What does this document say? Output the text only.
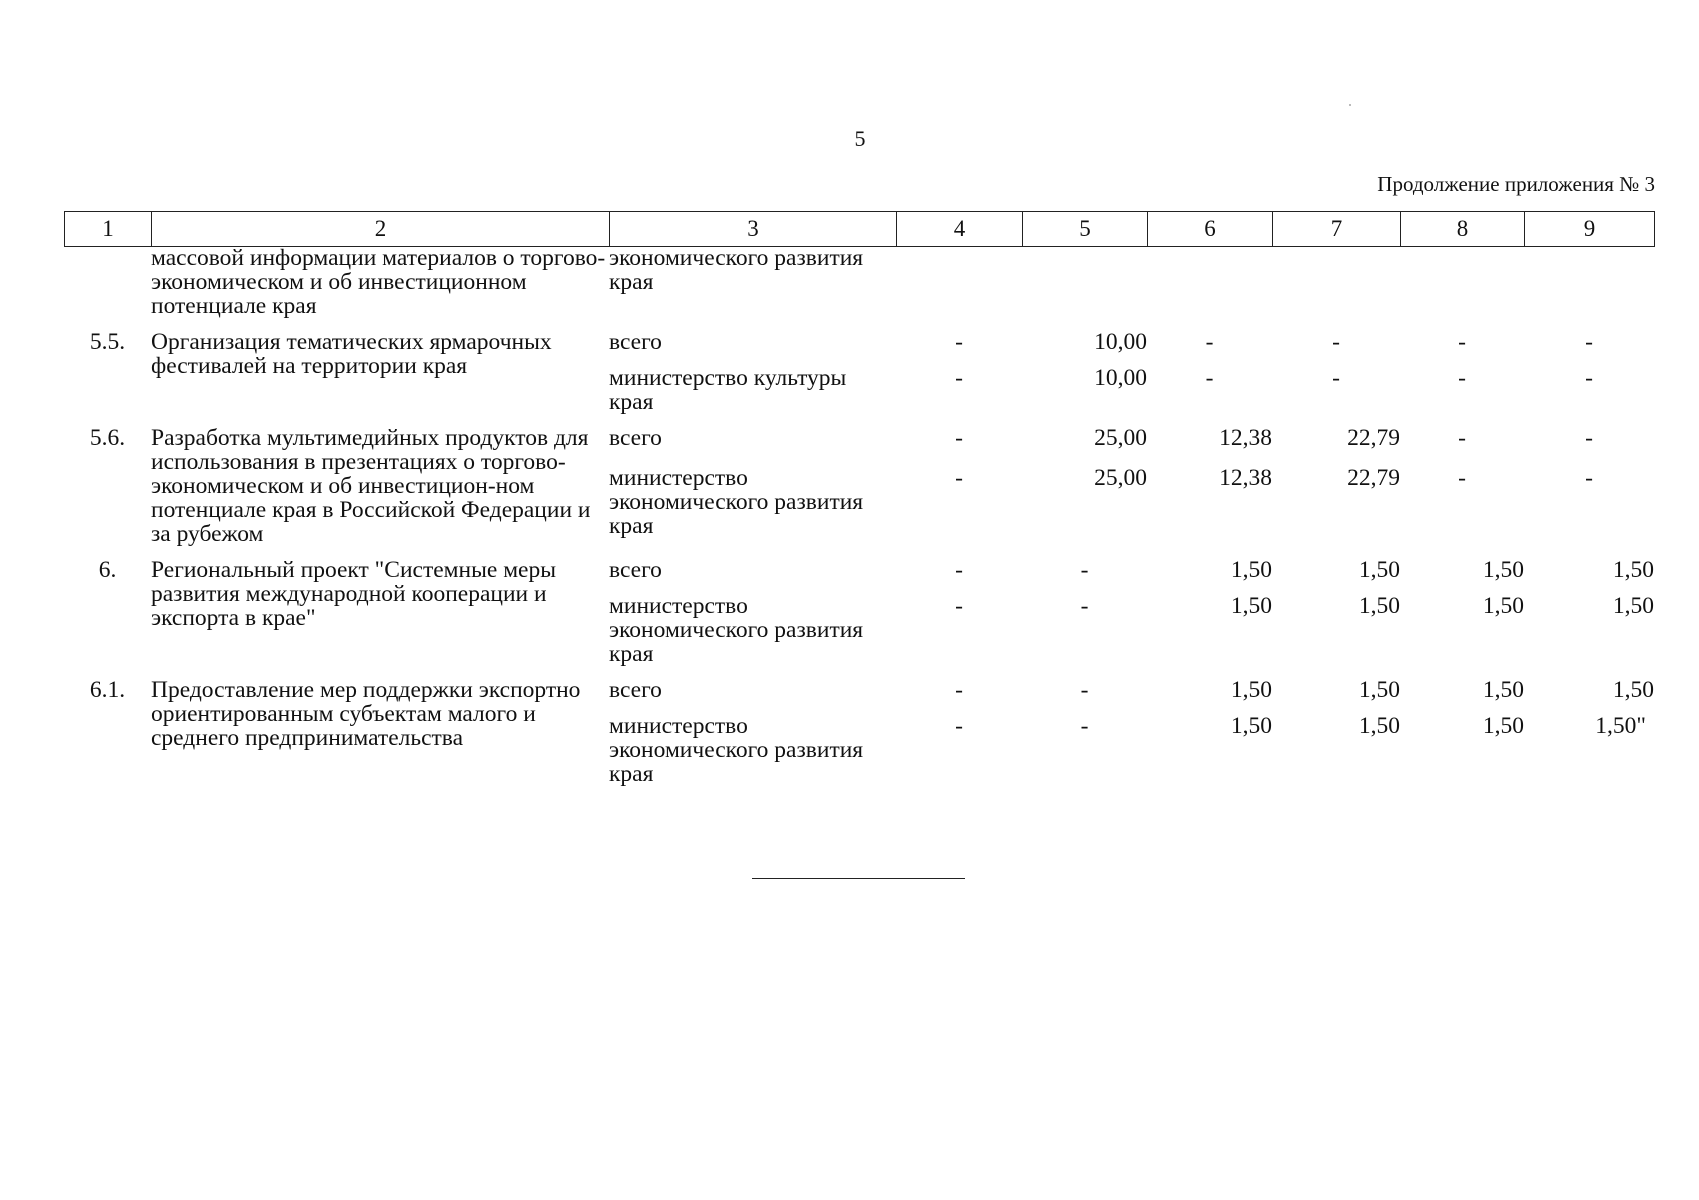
5
Продолжение приложения № 3
1	2	3	4	5	6	7	8	9
	массовой информации материалов о торгово-экономическом и об инвестиционном потенциале края	экономического развития края						

5.5.	Организация тематических ярмарочных фестивалей на территории края	всего	-	10,00	-	-	-	-
		министерство культуры края	-	10,00	-	-	-	-

5.6.	Разработка мультимедийных продуктов для использования в презентациях о торгово-экономическом и об инвестицион-ном потенциале края в Российской Федерации и за рубежом	всего	-	25,00	12,38	22,79	-	-
		министерство экономического развития края	-	25,00	12,38	22,79	-	-

6.	Региональный проект "Системные меры развития международной кооперации и экспорта в крае"	всего	-	-	1,50	1,50	1,50	1,50
		министерство экономического развития края	-	-	1,50	1,50	1,50	1,50

6.1.	Предоставление мер поддержки экспортно ориентированным субъектам малого и среднего предпринимательства	всего	-	-	1,50	1,50	1,50	1,50
		министерство экономического развития края	-	-	1,50	1,50	1,50	1,50"
